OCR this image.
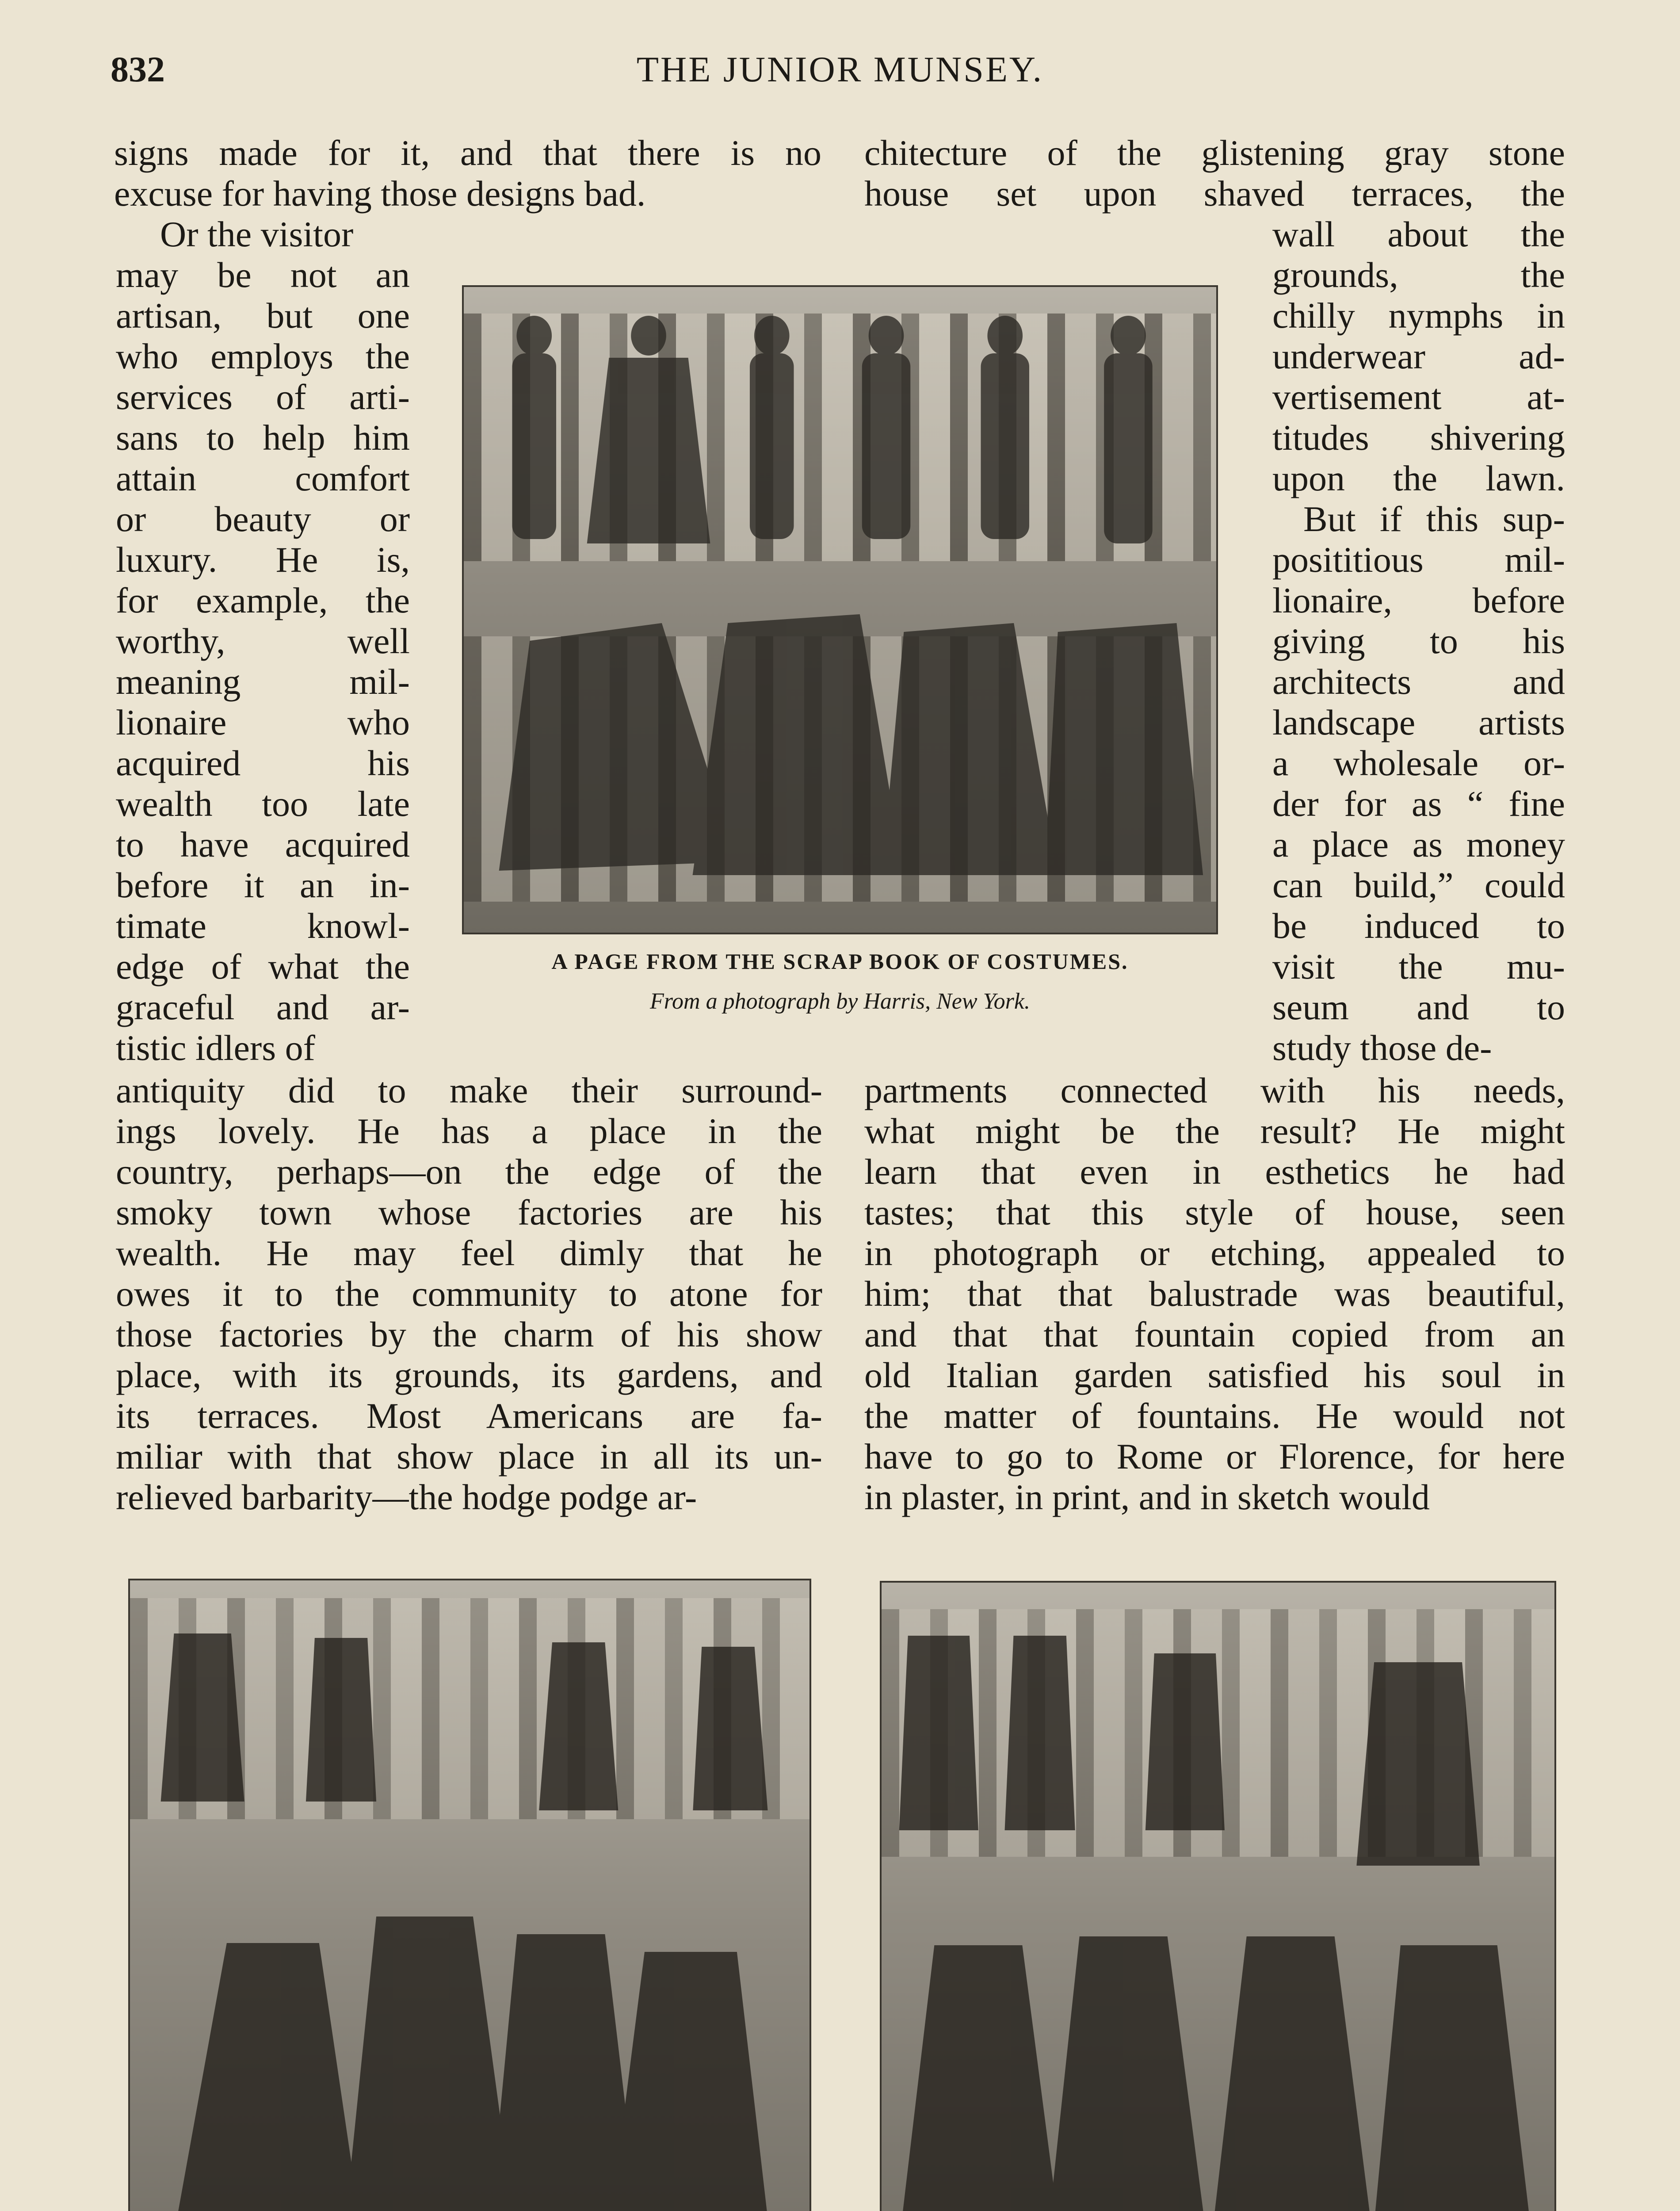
832	THE JUNIOR MUNSEY.

signs made for it, and that there is no

excuse for having those designs bad.

chitecture of the glistening gray stone

house set upon shaved terraces, the

Or the visitor

may be not an

artisan, but one

who employs the

services of arti-

sans to help him

attain comfort

or beauty or

luxury. He is,

for example, the

worthy, well

meaning mil-

lionaire who

acquired his

wealth too late

to have acquired

before it an in-

timate knowl-

edge of what the

graceful and ar-

tistic idlers of

wall about the

grounds, the

chilly nymphs in

underwear ad-

vertisement at-

titudes shivering

upon the lawn.

But if this sup-

posititious mil-

lionaire, before

giving to his

architects and

landscape artists

a wholesale or-

der for as “ fine

a place as money

can build,” could

be induced to

visit the mu-

seum and to

study those de-

A PAGE FROM THE SCRAP BOOK OF COSTUMES.
From a photograph by Harris, New York.

antiquity did to make their surround-

ings lovely. He has a place in the

country, perhaps—on the edge of the

smoky town whose factories are his

wealth. He may feel dimly that he

owes it to the community to atone for

those factories by the charm of his show

place, with its grounds, its gardens, and

its terraces. Most Americans are fa-

miliar with that show place in all its un-

relieved barbarity—the hodge podge ar-

partments connected with his needs,

what might be the result? He might

learn that even in esthetics he had

tastes; that this style of house, seen

in photograph or etching, appealed to

him; that that balustrade was beautiful,

and that that fountain copied from an

old Italian garden satisfied his soul in

the matter of fountains. He would not

have to go to Rome or Florence, for here

in plaster, in print, and in sketch would
